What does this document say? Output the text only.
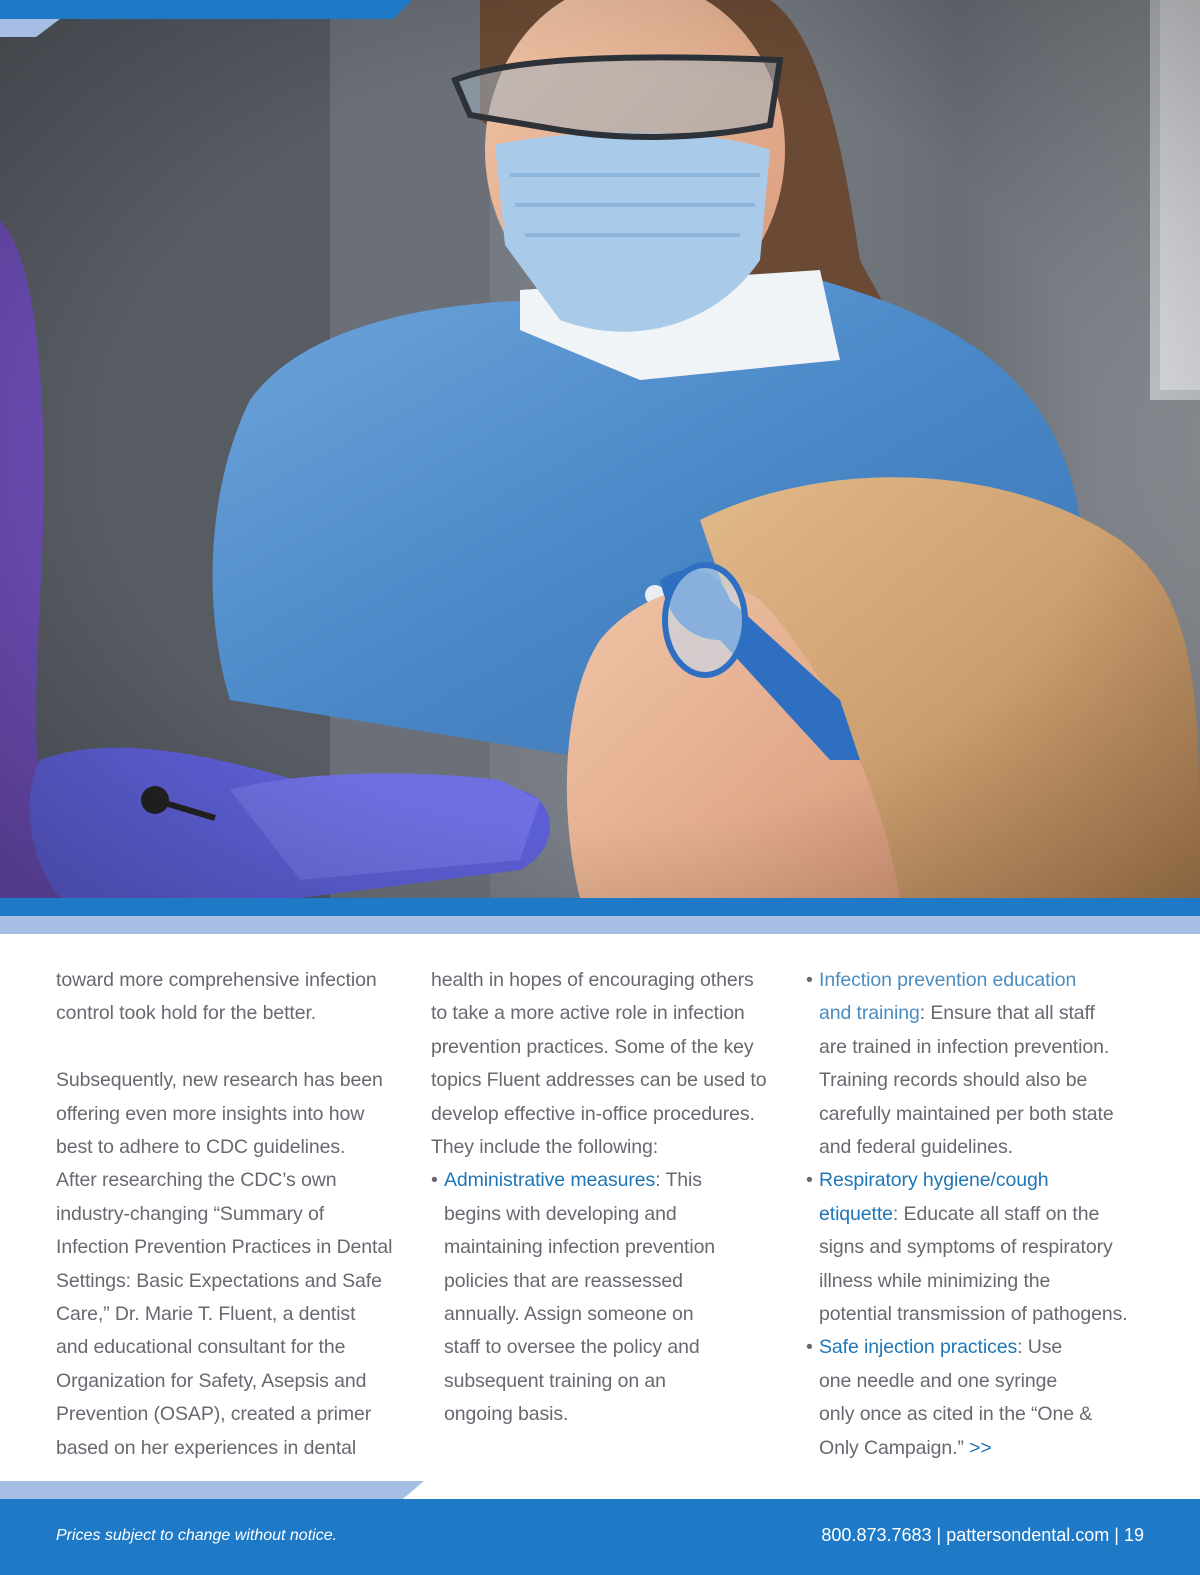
toward more comprehensive infection

control took hold for the better.

Subsequently, new research has been

offering even more insights into how

best to adhere to CDC guidelines.

After researching the CDC’s own

industry-changing “Summary of

Infection Prevention Practices in Dental

Settings: Basic Expectations and Safe

Care,” Dr. Marie T. Fluent, a dentist

and educational consultant for the

Organization for Safety, Asepsis and

Prevention (OSAP), created a primer

based on her experiences in dental

health in hopes of encouraging others

to take a more active role in infection

prevention practices. Some of the key

topics Fluent addresses can be used to

develop effective in-office procedures.

They include the following:

• Administrative measures: This

begins with developing and

maintaining infection prevention

policies that are reassessed

annually. Assign someone on

staff to oversee the policy and

subsequent training on an

ongoing basis.

• Infection prevention education

and training: Ensure that all staff

are trained in infection prevention.

Training records should also be

carefully maintained per both state

and federal guidelines.

• Respiratory hygiene/cough

etiquette: Educate all staff on the

signs and symptoms of respiratory

illness while minimizing the

potential transmission of pathogens.

• Safe injection practices: Use

one needle and one syringe

only once as cited in the “One &

Only Campaign.” >>

Prices subject to change without notice.	800.873.7683 | pattersondental.com | 19
